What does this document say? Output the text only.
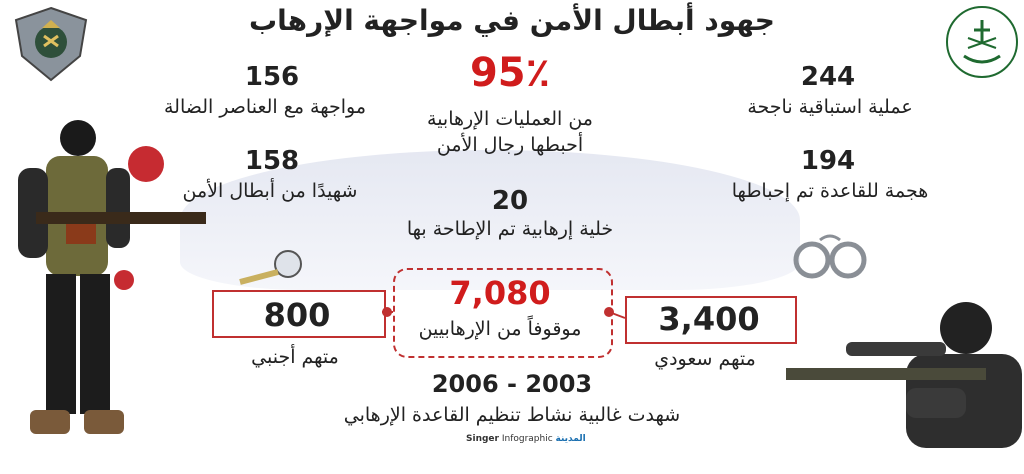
جهود أبطال الأمن في مواجهة الإرهاب
156
مواجهة مع العناصر الضالة
158
شهيدًا من أبطال الأمن
95٪
من العمليات الإرهابية
أحبطها رجال الأمن
20
خلية إرهابية تم الإطاحة بها
244
عملية استباقية ناجحة
194
هجمة للقاعدة تم إحباطها
7,080
موقوفاً من الإرهابيين
800
متهم أجنبي
3,400
متهم سعودي
2006 - 2003
شهدت غالبية نشاط تنظيم القاعدة الإرهابي
Singer Infographic المدينة
